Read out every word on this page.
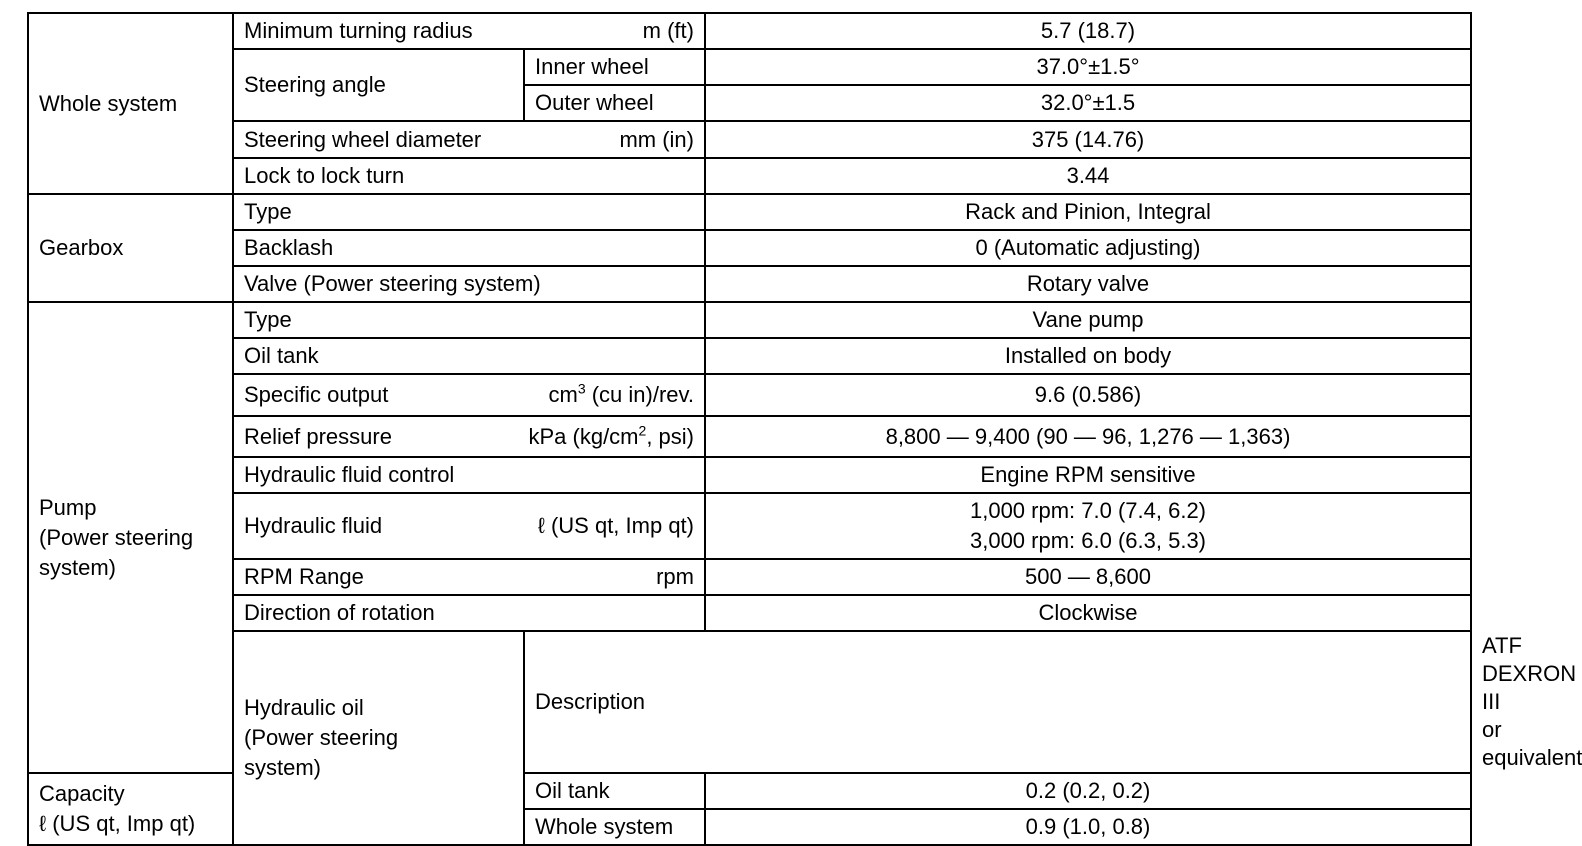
Whole system	Minimum turning radius m (ft)		5.7 (18.7)	
	Steering angle	Inner wheel	37.0°±1.5°	
		Outer wheel	32.0°±1.5	

	Steering wheel diameter mm (in)		375 (14.76)	
	Lock to lock turn		3.44	
Gearbox	Type		Rack and Pinion, Integral	
	Backlash		0 (Automatic adjusting)	
	Valve (Power steering system)		Rotary valve	

Pump
(Power steering
system)	Type		Vane pump	
	Oil tank		Installed on body	

	Specific output $cm^3$ (cu in)/rev.		9.6 (0.586)	

	Relief pressure kPa ($kg/cm^2$, psi)		8,800 — 9,400 (90 — 96, 1,276 — 1,363)	
	Hydraulic fluid control		Engine RPM sensitive	

	Hydraulic fluid ℓ (US qt, Imp qt)		1,000 rpm: 7.0 (7.4, 6.2)
3,000 rpm: 6.0 (6.3, 5.3)	

	RPM Range rpm		500 — 8,600	
	Direction of rotation		Clockwise	

	Hydraulic oil
(Power steering
system)	Description		ATF DEXRON III or equivalent

Capacity
ℓ (US qt, Imp qt)		Oil tank	0.2 (0.2, 0.2)	
		Whole system	0.9 (1.0, 0.8)	
